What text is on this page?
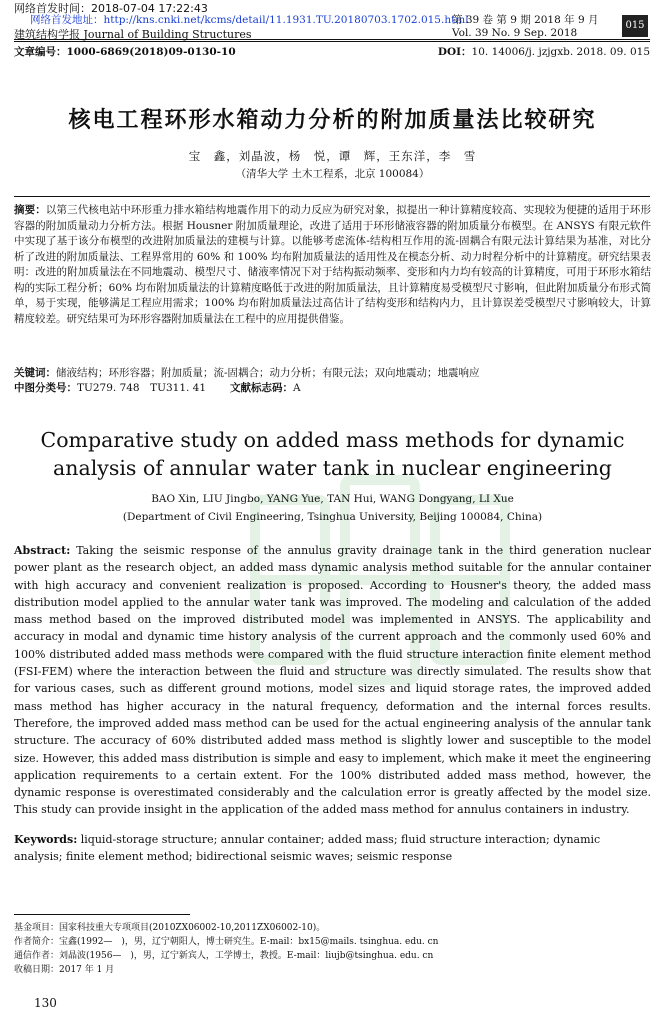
网络首发时间：2018-07-04 17:22:43
网络首发地址：http://kns.cnki.net/kcms/detail/11.1931.TU.20180703.1702.015.html
建筑结构学报 Journal of Building Structures
第 39 卷 第 9 期 2018 年 9 月
Vol. 39 No. 9 Sep. 2018
015
文章编号：1000-6869(2018)09-0130-10	DOI：10. 14006/j. jzjgxb. 2018. 09. 015
核电工程环形水箱动力分析的附加质量法比较研究
宝　鑫，刘晶波，杨　悦，谭　辉，王东洋，李　雪
（清华大学 土木工程系，北京 100084）
摘要：以第三代核电站中环形重力排水箱结构地震作用下的动力反应为研究对象，拟提出一种计算精度较高、实现较为便捷的适用于环形容器的附加质量动力分析方法。根据 Housner 附加质量理论，改进了适用于环形储液容器的附加质量分布模型。在 ANSYS 有限元软件中实现了基于该分布模型的改进附加质量法的建模与计算。以能够考虑流体-结构相互作用的流-固耦合有限元法计算结果为基准，对比分析了改进的附加质量法、工程界常用的 60% 和 100% 均布附加质量法的适用性及在模态分析、动力时程分析中的计算精度。研究结果表明：改进的附加质量法在不同地震动、模型尺寸、储液率情况下对于结构振动频率、变形和内力均有较高的计算精度，可用于环形水箱结构的实际工程分析；60% 均布附加质量法的计算精度略低于改进的附加质量法，且计算精度易受模型尺寸影响，但此附加质量分布形式简单，易于实现，能够满足工程应用需求；100% 均布附加质量法过高估计了结构变形和结构内力，且计算误差受模型尺寸影响较大，计算精度较差。研究结果可为环形容器附加质量法在工程中的应用提供借鉴。
关键词：储液结构；环形容器；附加质量；流-固耦合；动力分析；有限元法；双向地震动；地震响应
中图分类号：TU279. 748　TU311. 41 文献标志码：A
Comparative study on added mass methods for dynamic analysis of annular water tank in nuclear engineering
BAO Xin, LIU Jingbo, YANG Yue, TAN Hui, WANG Dongyang, LI Xue
(Department of Civil Engineering, Tsinghua University, Beijing 100084, China)
Abstract: Taking the seismic response of the annulus gravity drainage tank in the third generation nuclear power plant as the research object, an added mass dynamic analysis method suitable for the annular container with high accuracy and convenient realization is proposed. According to Housner's theory, the added mass distribution model applied to the annular water tank was improved. The modeling and calculation of the added mass method based on the improved distributed model was implemented in ANSYS. The applicability and accuracy in modal and dynamic time history analysis of the current approach and the commonly used 60% and 100% distributed added mass methods were compared with the fluid structure interaction finite element method (FSI-FEM) where the interaction between the fluid and structure was directly simulated. The results show that for various cases, such as different ground motions, model sizes and liquid storage rates, the improved added mass method has higher accuracy in the natural frequency, deformation and the internal forces results. Therefore, the improved added mass method can be used for the actual engineering analysis of the annular tank structure. The accuracy of 60% distributed added mass method is slightly lower and susceptible to the model size. However, this added mass distribution is simple and easy to implement, which make it meet the engineering application requirements to a certain extent. For the 100% distributed added mass method, however, the dynamic response is overestimated considerably and the calculation error is greatly affected by the model size. This study can provide insight in the application of the added mass method for annulus containers in industry.
Keywords: liquid-storage structure; annular container; added mass; fluid structure interaction; dynamic analysis; finite element method; bidirectional seismic waves; seismic response
基金项目：国家科技重大专项项目(2010ZX06002-10,2011ZX06002-10)。
作者简介：宝鑫(1992—　)，男，辽宁朝阳人，博士研究生。E-mail：bx15@mails. tsinghua. edu. cn
通信作者：刘晶波(1956—　)，男，辽宁新宾人，工学博士，教授。E-mail：liujb@tsinghua. edu. cn
收稿日期：2017 年 1 月
130
